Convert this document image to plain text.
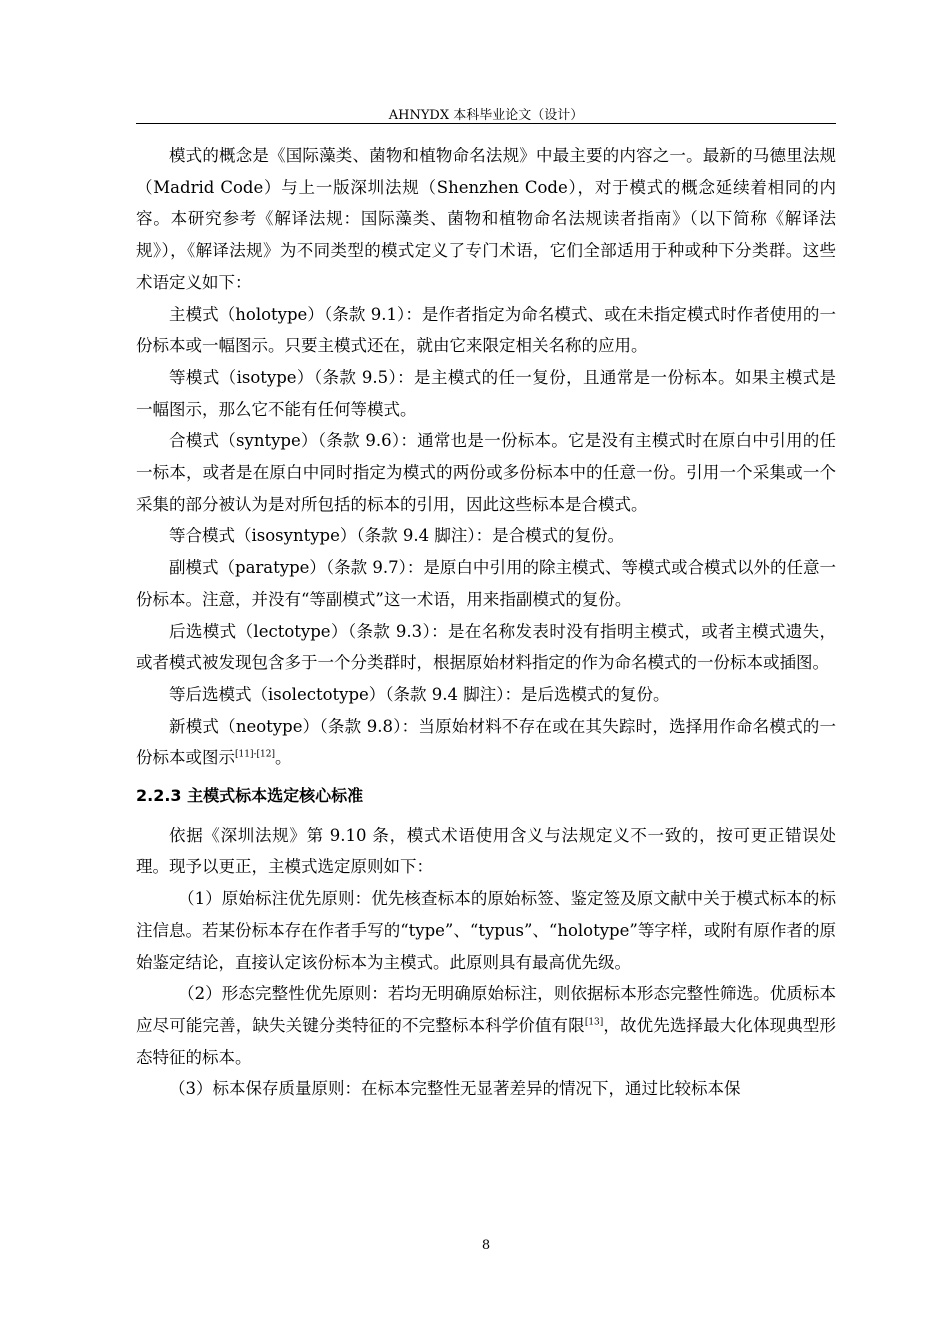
AHNYDX 本科毕业论文（设计）

模式的概念是《国际藻类、菌物和植物命名法规》中最主要的内容之一。最新的马德里法规（Madrid Code）与上一版深圳法规（Shenzhen Code），对于模式的概念延续着相同的内容。本研究参考《解译法规：国际藻类、菌物和植物命名法规读者指南》（以下简称《解译法规》），《解译法规》为不同类型的模式定义了专门术语，它们全部适用于种或种下分类群。这些术语定义如下：

主模式（holotype）（条款 9.1）：是作者指定为命名模式、或在未指定模式时作者使用的一份标本或一幅图示。只要主模式还在，就由它来限定相关名称的应用。

等模式（isotype）（条款 9.5）：是主模式的任一复份，且通常是一份标本。如果主模式是一幅图示，那么它不能有任何等模式。

合模式（syntype）（条款 9.6）：通常也是一份标本。它是没有主模式时在原白中引用的任一标本，或者是在原白中同时指定为模式的两份或多份标本中的任意一份。引用一个采集或一个采集的部分被认为是对所包括的标本的引用，因此这些标本是合模式。

等合模式（isosyntype）（条款 9.4 脚注）：是合模式的复份。

副模式（paratype）（条款 9.7）：是原白中引用的除主模式、等模式或合模式以外的任意一份标本。注意，并没有“等副模式”这一术语，用来指副模式的复份。

后选模式（lectotype）（条款 9.3）：是在名称发表时没有指明主模式，或者主模式遗失，或者模式被发现包含多于一个分类群时，根据原始材料指定的作为命名模式的一份标本或插图。

等后选模式（isolectotype）（条款 9.4 脚注）：是后选模式的复份。

新模式（neotype）（条款 9.8）：当原始材料不存在或在其失踪时，选择用作命名模式的一份标本或图示[11]-[12]。

2.2.3 主模式标本选定核心标准

依据《深圳法规》第 9.10 条，模式术语使用含义与法规定义不一致的，按可更正错误处理。现予以更正，主模式选定原则如下：

（1）原始标注优先原则：优先核查标本的原始标签、鉴定签及原文献中关于模式标本的标注信息。若某份标本存在作者手写的“type”、“typus”、“holotype”等字样，或附有原作者的原始鉴定结论，直接认定该份标本为主模式。此原则具有最高优先级。

（2）形态完整性优先原则：若均无明确原始标注，则依据标本形态完整性筛选。优质标本应尽可能完善，缺失关键分类特征的不完整标本科学价值有限[13]，故优先选择最大化体现典型形态特征的标本。

（3）标本保存质量原则：在标本完整性无显著差异的情况下，通过比较标本保

8
